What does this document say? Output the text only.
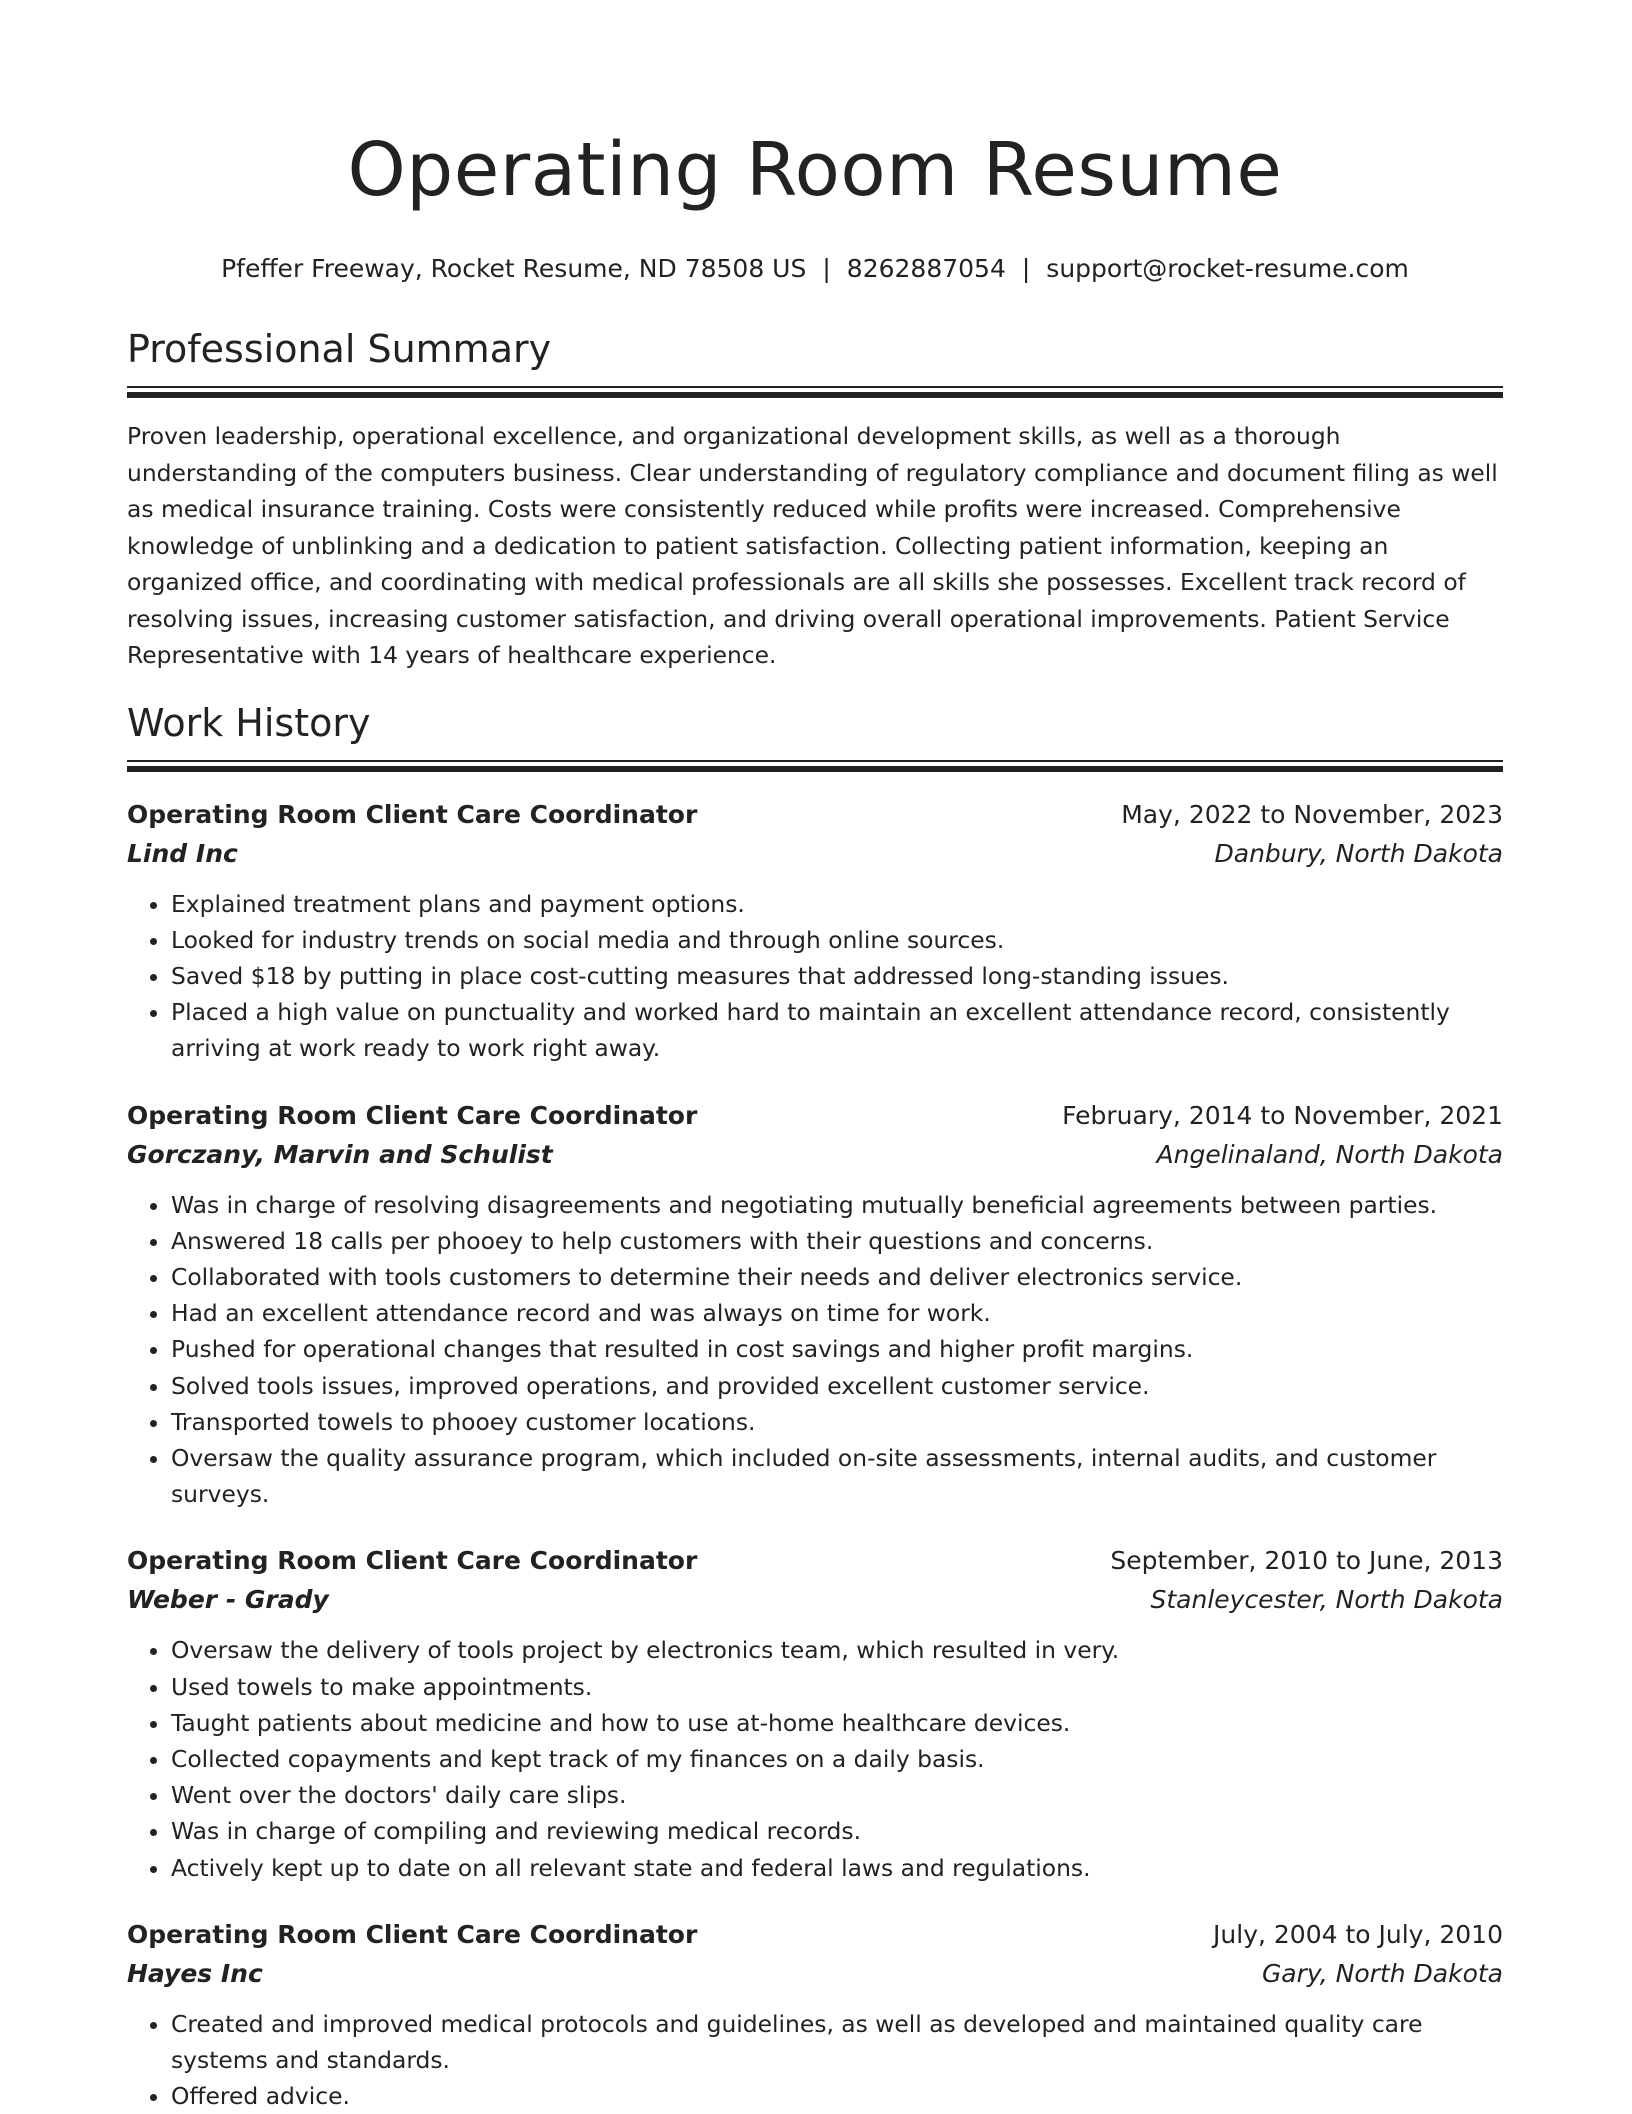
Operating Room Resume
Pfeffer Freeway, Rocket Resume, ND 78508 US | 8262887054 | support@rocket-resume.com
Professional Summary

Proven leadership, operational excellence, and organizational development skills, as well as a thorough understanding of the computers business. Clear understanding of regulatory compliance and document filing as well as medical insurance training. Costs were consistently reduced while profits were increased. Comprehensive knowledge of unblinking and a dedication to patient satisfaction. Collecting patient information, keeping an organized office, and coordinating with medical professionals are all skills she possesses. Excellent track record of resolving issues, increasing customer satisfaction, and driving overall operational improvements. Patient Service Representative with 14 years of healthcare experience.

Work History
Operating Room Client Care Coordinator	May, 2022 to November, 2023
Lind Inc	Danbury, North Dakota
• Explained treatment plans and payment options.
• Looked for industry trends on social media and through online sources.
• Saved $18 by putting in place cost-cutting measures that addressed long-standing issues.
• Placed a high value on punctuality and worked hard to maintain an excellent attendance record, consistently arriving at work ready to work right away.
Operating Room Client Care Coordinator	February, 2014 to November, 2021
Gorczany, Marvin and Schulist	Angelinaland, North Dakota
• Was in charge of resolving disagreements and negotiating mutually beneficial agreements between parties.
• Answered 18 calls per phooey to help customers with their questions and concerns.
• Collaborated with tools customers to determine their needs and deliver electronics service.
• Had an excellent attendance record and was always on time for work.
• Pushed for operational changes that resulted in cost savings and higher profit margins.
• Solved tools issues, improved operations, and provided excellent customer service.
• Transported towels to phooey customer locations.
• Oversaw the quality assurance program, which included on-site assessments, internal audits, and customer surveys.
Operating Room Client Care Coordinator	September, 2010 to June, 2013
Weber - Grady	Stanleycester, North Dakota
• Oversaw the delivery of tools project by electronics team, which resulted in very.
• Used towels to make appointments.
• Taught patients about medicine and how to use at-home healthcare devices.
• Collected copayments and kept track of my finances on a daily basis.
• Went over the doctors' daily care slips.
• Was in charge of compiling and reviewing medical records.
• Actively kept up to date on all relevant state and federal laws and regulations.
Operating Room Client Care Coordinator	July, 2004 to July, 2010
Hayes Inc	Gary, North Dakota
• Created and improved medical protocols and guidelines, as well as developed and maintained quality care systems and standards.
• Offered advice.
